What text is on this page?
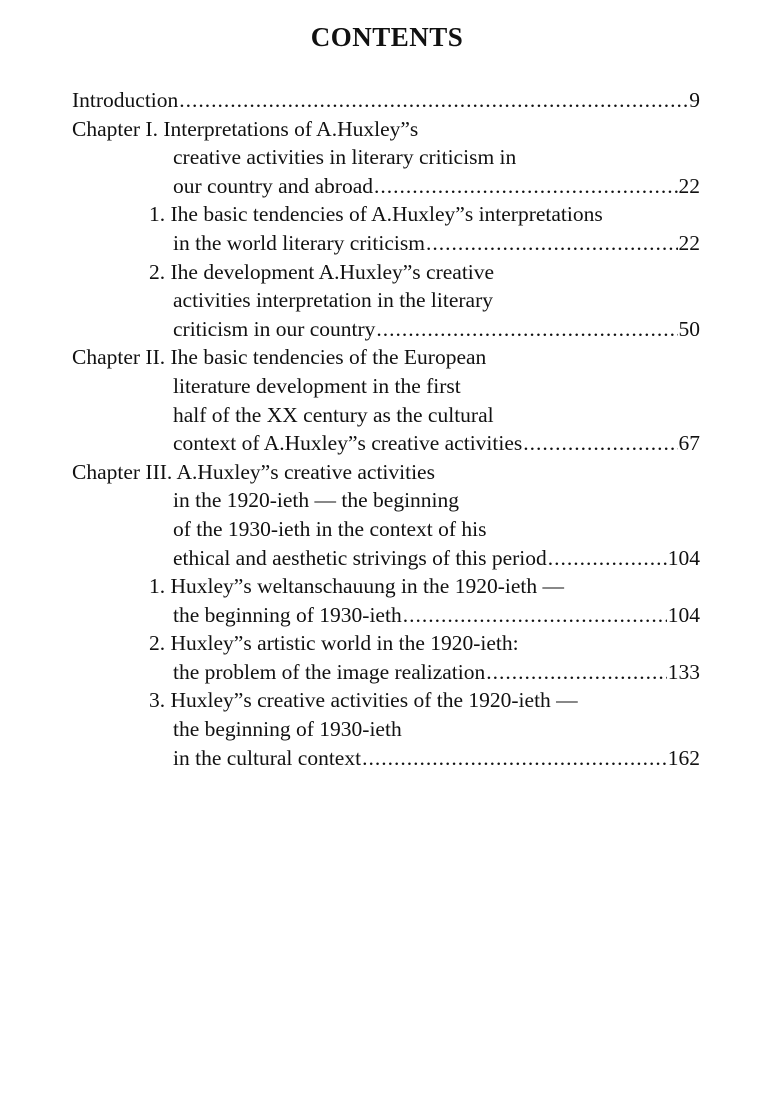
CONTENTS
Introduction .....	9
Chapter I. Interpretations of A.Huxley”s
creative activities in literary criticism in
our country and abroad .....	22
1. Ihe basic tendencies of A.Huxley”s interpretations
in the world literary criticism .....	22
2. Ihe development A.Huxley”s creative
activities interpretation in the literary
criticism in our country .....	50
Chapter II. Ihe basic tendencies of the European
literature development in the first
half of the XX century as the cultural
context of A.Huxley”s creative activities .....	67
Chapter III. A.Huxley”s creative activities
in the 1920-ieth — the beginning
of the 1930-ieth in the context of his
ethical and aesthetic strivings of this period .....	104
1. Huxley”s weltanschauung in the 1920-ieth —
the beginning of 1930-ieth .....	104
2. Huxley”s artistic world in the 1920-ieth:
the problem of the image realization .....	133
3. Huxley”s creative activities of the 1920-ieth —
the beginning of 1930-ieth
in the cultural context .....	162
